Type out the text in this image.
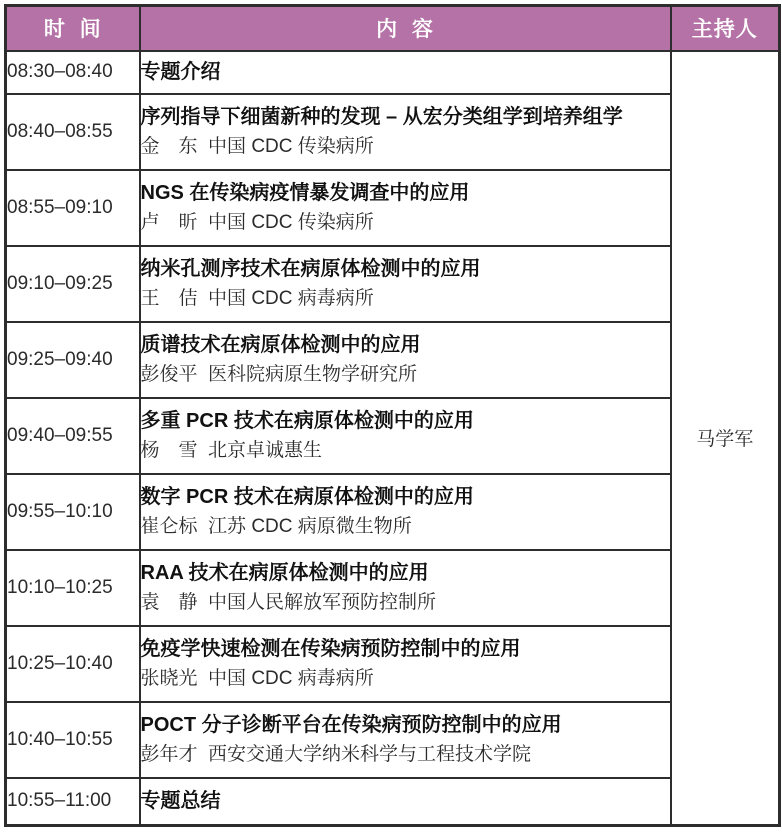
时  间	内  容	主持人
08:30–08:40	专题介绍	马学军
08:40–08:55	序列指导下细菌新种的发现 – 从宏分类组学到培养组学
金　东  中国 CDC 传染病所	

08:55–09:10	NGS 在传染病疫情暴发调查中的应用
卢　昕  中国 CDC 传染病所	

09:10–09:25	纳米孔测序技术在病原体检测中的应用
王　佶  中国 CDC 病毒病所	

09:25–09:40	质谱技术在病原体检测中的应用
彭俊平  医科院病原生物学研究所	

09:40–09:55	多重 PCR 技术在病原体检测中的应用
杨　雪  北京卓诚惠生	

09:55–10:10	数字 PCR 技术在病原体检测中的应用
崔仑标  江苏 CDC 病原微生物所	

10:10–10:25	RAA 技术在病原体检测中的应用
袁　静  中国人民解放军预防控制所	

10:25–10:40	免疫学快速检测在传染病预防控制中的应用
张晓光  中国 CDC 病毒病所	

10:40–10:55	POCT 分子诊断平台在传染病预防控制中的应用
彭年才  西安交通大学纳米科学与工程技术学院	

10:55–11:00	专题总结	
